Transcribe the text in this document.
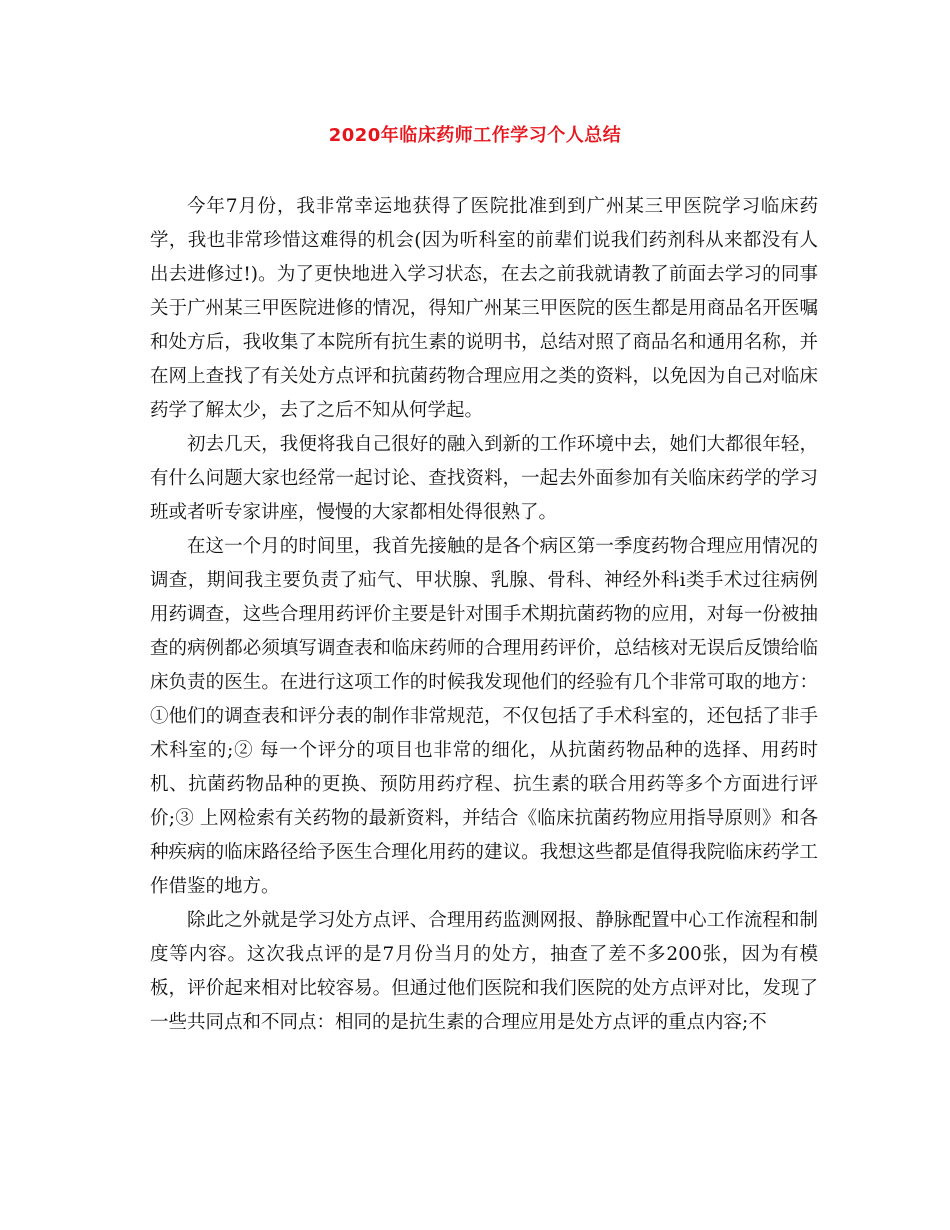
2020年临床药师工作学习个人总结

今年7月份，我非常幸运地获得了医院批准到到广州某三甲医院学习临床药学，我也非常珍惜这难得的机会(因为听科室的前辈们说我们药剂科从来都没有人出去进修过!)。为了更快地进入学习状态，在去之前我就请教了前面去学习的同事关于广州某三甲医院进修的情况，得知广州某三甲医院的医生都是用商品名开医嘱和处方后，我收集了本院所有抗生素的说明书，总结对照了商品名和通用名称，并在网上查找了有关处方点评和抗菌药物合理应用之类的资料，以免因为自己对临床药学了解太少，去了之后不知从何学起。

初去几天，我便将我自己很好的融入到新的工作环境中去，她们大都很年轻，有什么问题大家也经常一起讨论、查找资料，一起去外面参加有关临床药学的学习班或者听专家讲座，慢慢的大家都相处得很熟了。

在这一个月的时间里，我首先接触的是各个病区第一季度药物合理应用情况的调查，期间我主要负责了疝气、甲状腺、乳腺、骨科、神经外科ⅰ类手术过往病例用药调查，这些合理用药评价主要是针对围手术期抗菌药物的应用，对每一份被抽查的病例都必须填写调查表和临床药师的合理用药评价，总结核对无误后反馈给临床负责的医生。在进行这项工作的时候我发现他们的经验有几个非常可取的地方：①他们的调查表和评分表的制作非常规范，不仅包括了手术科室的，还包括了非手术科室的;② 每一个评分的项目也非常的细化，从抗菌药物品种的选择、用药时机、抗菌药物品种的更换、预防用药疗程、抗生素的联合用药等多个方面进行评价;③ 上网检索有关药物的最新资料，并结合《临床抗菌药物应用指导原则》和各种疾病的临床路径给予医生合理化用药的建议。我想这些都是值得我院临床药学工作借鉴的地方。

除此之外就是学习处方点评、合理用药监测网报、静脉配置中心工作流程和制度等内容。这次我点评的是7月份当月的处方，抽查了差不多200张，因为有模板，评价起来相对比较容易。但通过他们医院和我们医院的处方点评对比，发现了一些共同点和不同点：相同的是抗生素的合理应用是处方点评的重点内容;不
